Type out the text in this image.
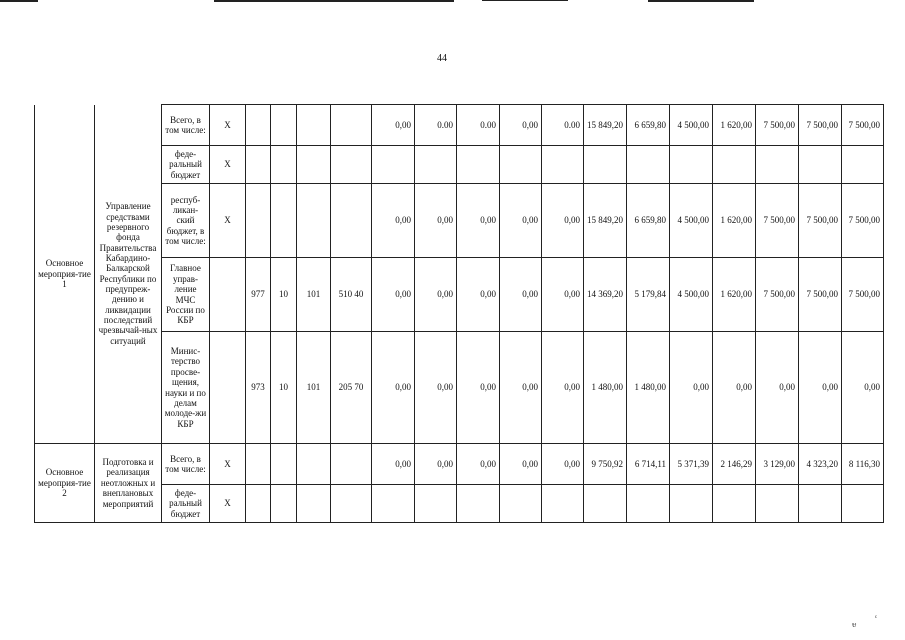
44
Основное мероприя-тие 1	Управление средствами резервного фонда Правительства Кабардино-Балкарской Республики по предупреж-дению и ликвидации последствий чрезвычай-ных ситуаций	Всего, в том числе:	X					0,00	0.00	0.00	0,00	0.00	15 849,20	6 659,80	4 500,00	1 620,00	7 500,00	7 500,00	7 500,00	
		феде-ральный бюджет	X																	
		респуб-ликан-ский бюджет, в том числе:	X					0,00	0,00	0,00	0,00	0,00	15 849,20	6 659,80	4 500,00	1 620,00	7 500,00	7 500,00	7 500,00	
		Главное управ-ление МЧС России по КБР		977	10	101	510 40	0,00	0,00	0,00	0,00	0,00	14 369,20	5 179,84	4 500,00	1 620,00	7 500,00	7 500,00	7 500,00	
		Минис-терство просве-щения, науки и по делам молоде-жи КБР		973	10	101	205 70	0,00	0,00	0,00	0,00	0,00	1 480,00	1 480,00	0,00	0,00	0,00	0,00	0,00	
Основное мероприя-тие 2	Подготовка и реализация неотложных и внеплановых мероприятий	Всего, в том числе:	X					0,00	0,00	0,00	0,00	0,00	9 750,92	6 714,11	5 371,39	2 146,29	3 129,00	4 323,20	8 116,30	
		феде-ральный бюджет	X																	
ᵾ
ᶜ
